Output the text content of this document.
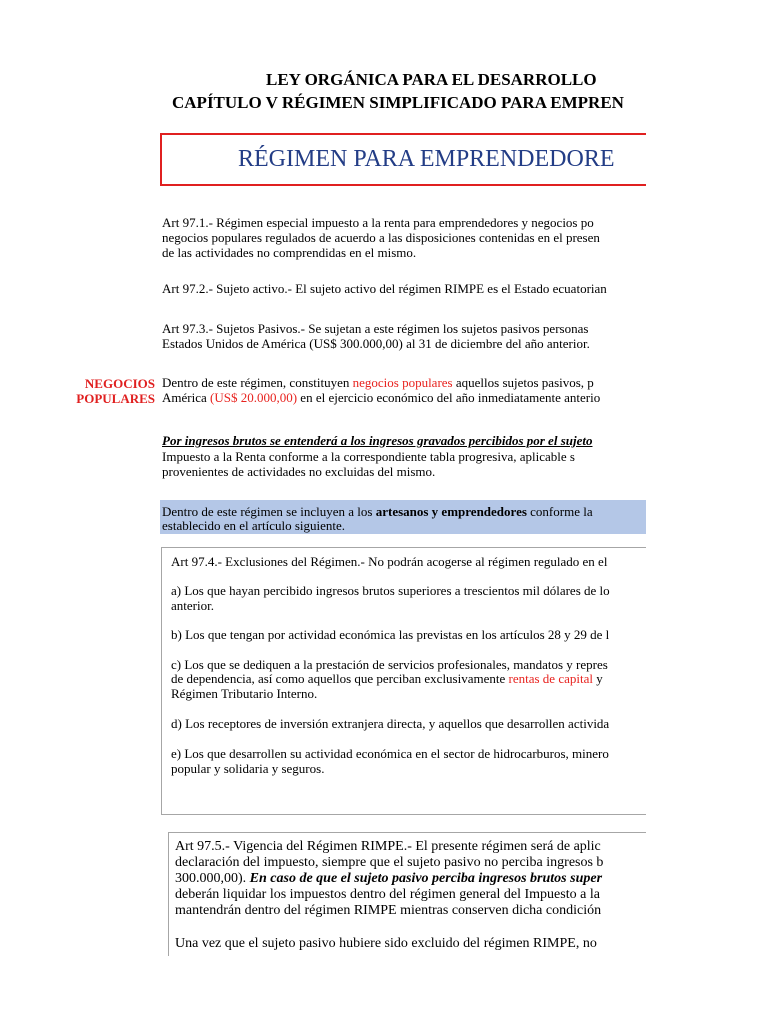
LEY ORGÁNICA PARA EL DESARROLLO
CAPÍTULO V RÉGIMEN SIMPLIFICADO PARA EMPREN
RÉGIMEN PARA EMPRENDEDORE
Art 97.1.- Régimen especial impuesto a la renta para emprendedores y negocios po
negocios populares regulados de acuerdo a las disposiciones contenidas en el presen
de las actividades no comprendidas en el mismo.
Art 97.2.- Sujeto activo.- El sujeto activo del régimen RIMPE es el Estado ecuatorian
Art 97.3.- Sujetos Pasivos.- Se sujetan a este régimen los sujetos pasivos personas
Estados Unidos de América (US$ 300.000,00) al 31 de diciembre del año anterior.
NEGOCIOS
POPULARES
Dentro de este régimen, constituyen negocios populares aquellos sujetos pasivos, p
América (US$ 20.000,00) en el ejercicio económico del año inmediatamente anterio
Por ingresos brutos se entenderá a los ingresos gravados percibidos por el sujeto
Impuesto a la Renta conforme a la correspondiente tabla progresiva, aplicable s
provenientes de actividades no excluidas del mismo.
Dentro de este régimen se incluyen a los artesanos y emprendedores conforme la
establecido en el artículo siguiente.
Art 97.4.- Exclusiones del Régimen.- No podrán acogerse al régimen regulado en el
a) Los que hayan percibido ingresos brutos superiores a trescientos mil dólares de lo
anterior.
b) Los que tengan por actividad económica las previstas en los artículos 28 y 29 de l
c) Los que se dediquen a la prestación de servicios profesionales, mandatos y repres
de dependencia, así como aquellos que perciban exclusivamente rentas de capital y
Régimen Tributario Interno.
d) Los receptores de inversión extranjera directa, y aquellos que desarrollen activida
e) Los que desarrollen su actividad económica en el sector de hidrocarburos, minero
popular y solidaria y seguros.
Art 97.5.- Vigencia del Régimen RIMPE.- El presente régimen será de aplic
declaración del impuesto, siempre que el sujeto pasivo no perciba ingresos b
300.000,00). En caso de que el sujeto pasivo perciba ingresos brutos super
deberán liquidar los impuestos dentro del régimen general del Impuesto a la
mantendrán dentro del régimen RIMPE mientras conserven dicha condición
Una vez que el sujeto pasivo hubiere sido excluido del régimen RIMPE, no
